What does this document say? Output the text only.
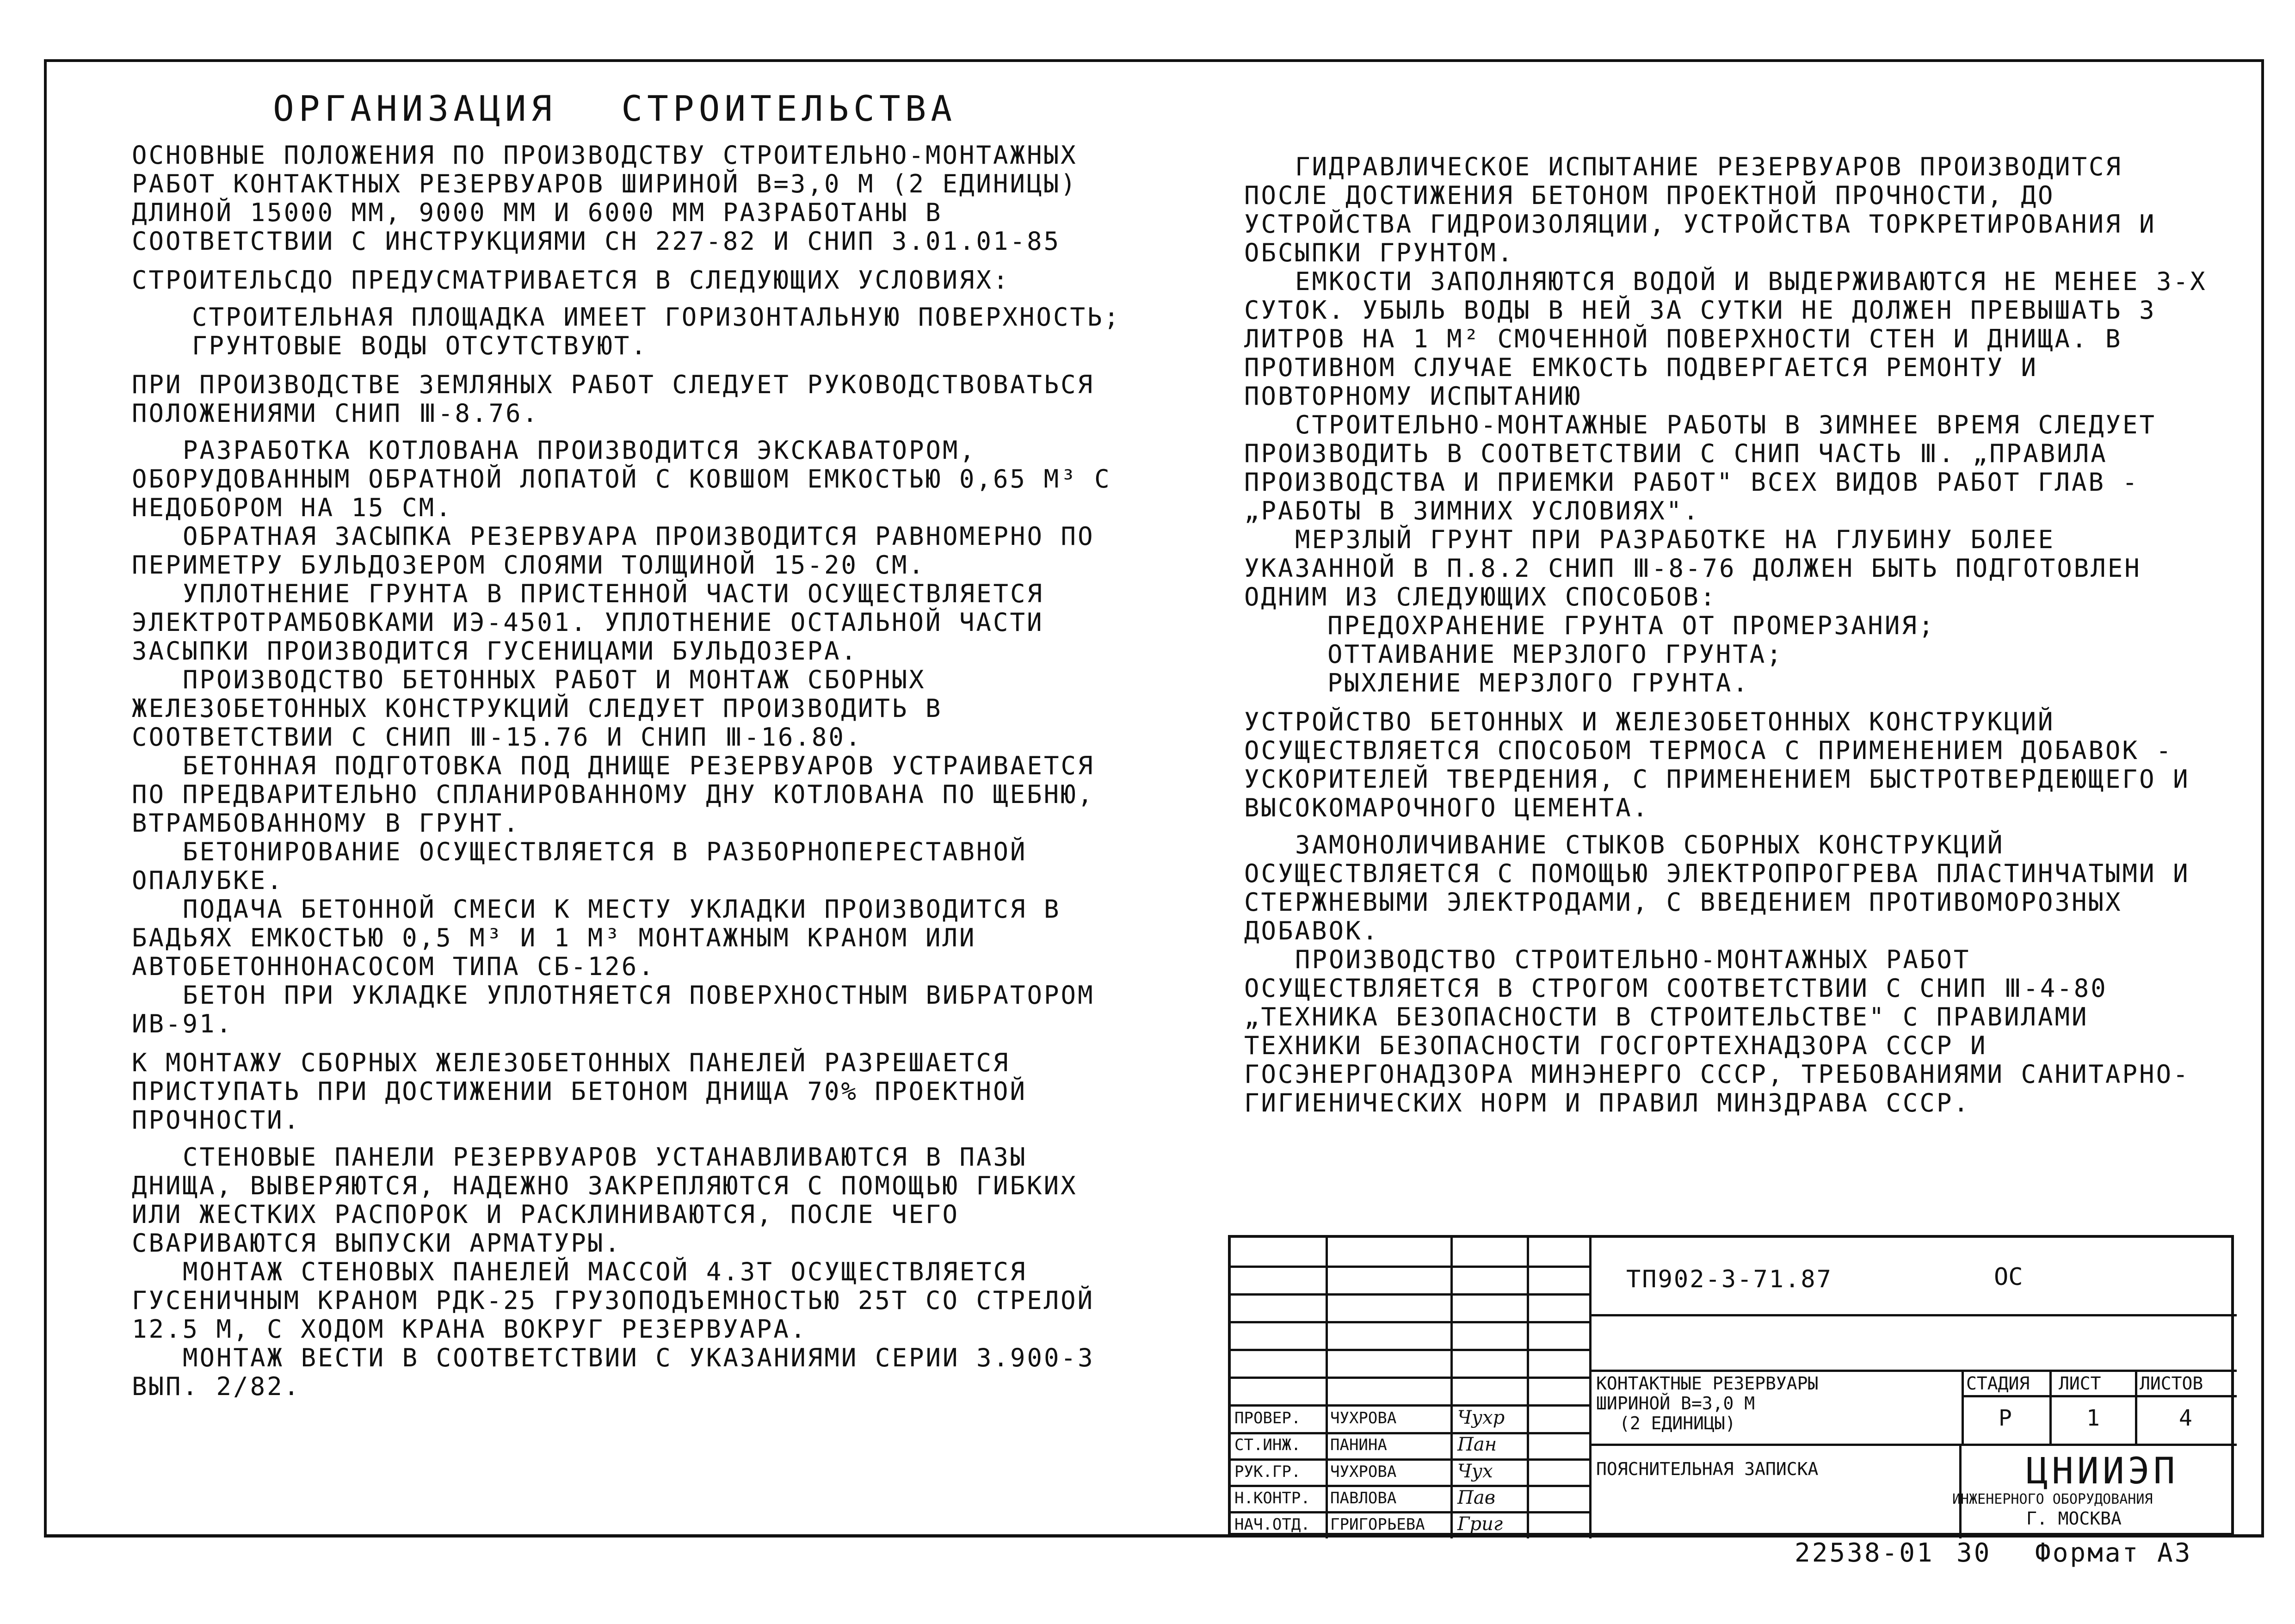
ОРГАНИЗАЦИЯ СТРОИТЕЛЬСТВА

ОСНОВНЫЕ ПОЛОЖЕНИЯ ПО ПРОИЗВОДСТВУ СТРОИТЕЛЬНО-МОНТАЖНЫХ РАБОТ КОНТАКТНЫХ РЕЗЕРВУАРОВ ШИРИНОЙ В=3,0 М (2 ЕДИНИЦЫ) ДЛИНОЙ 15000 ММ, 9000 ММ И 6000 ММ РАЗРАБОТАНЫ В СООТВЕТСТВИИ С ИНСТРУКЦИЯМИ СН 227-82 И СНИП 3.01.01-85

СТРОИТЕЛЬСДО ПРЕДУСМАТРИВАЕТСЯ В СЛЕДУЮЩИХ УСЛОВИЯХ:

СТРОИТЕЛЬНАЯ ПЛОЩАДКА ИМЕЕТ ГОРИЗОНТАЛЬНУЮ ПОВЕРХНОСТЬ;

ГРУНТОВЫЕ ВОДЫ ОТСУТСТВУЮТ.

ПРИ ПРОИЗВОДСТВЕ ЗЕМЛЯНЫХ РАБОТ СЛЕДУЕТ РУКОВОДСТВОВАТЬСЯ ПОЛОЖЕНИЯМИ СНИП Ⅲ-8.76.

РАЗРАБОТКА КОТЛОВАНА ПРОИЗВОДИТСЯ ЭКСКАВАТОРОМ, ОБОРУДОВАННЫМ ОБРАТНОЙ ЛОПАТОЙ С КОВШОМ ЕМКОСТЬЮ 0,65 М³ С НЕДОБОРОМ НА 15 СМ.

ОБРАТНАЯ ЗАСЫПКА РЕЗЕРВУАРА ПРОИЗВОДИТСЯ РАВНОМЕРНО ПО ПЕРИМЕТРУ БУЛЬДОЗЕРОМ СЛОЯМИ ТОЛЩИНОЙ 15-20 СМ.

УПЛОТНЕНИЕ ГРУНТА В ПРИСТЕННОЙ ЧАСТИ ОСУЩЕСТВЛЯЕТСЯ ЭЛЕКТРОТРАМБОВКАМИ ИЭ-4501. УПЛОТНЕНИЕ ОСТАЛЬНОЙ ЧАСТИ ЗАСЫПКИ ПРОИЗВОДИТСЯ ГУСЕНИЦАМИ БУЛЬДОЗЕРА.

ПРОИЗВОДСТВО БЕТОННЫХ РАБОТ И МОНТАЖ СБОРНЫХ ЖЕЛЕЗОБЕТОННЫХ КОНСТРУКЦИЙ СЛЕДУЕТ ПРОИЗВОДИТЬ В СООТВЕТСТВИИ С СНИП Ⅲ-15.76 И СНИП Ⅲ-16.80.

БЕТОННАЯ ПОДГОТОВКА ПОД ДНИЩЕ РЕЗЕРВУАРОВ УСТРАИВАЕТСЯ ПО ПРЕДВАРИТЕЛЬНО СПЛАНИРОВАННОМУ ДНУ КОТЛОВАНА ПО ЩЕБНЮ, ВТРАМБОВАННОМУ В ГРУНТ.

БЕТОНИРОВАНИЕ ОСУЩЕСТВЛЯЕТСЯ В РАЗБОРНОПЕРЕСТАВНОЙ ОПАЛУБКЕ.

ПОДАЧА БЕТОННОЙ СМЕСИ К МЕСТУ УКЛАДКИ ПРОИЗВОДИТСЯ В БАДЬЯХ ЕМКОСТЬЮ 0,5 М³ И 1 М³ МОНТАЖНЫМ КРАНОМ ИЛИ АВТОБЕТОННОНАСОСОМ ТИПА СБ-126.

БЕТОН ПРИ УКЛАДКЕ УПЛОТНЯЕТСЯ ПОВЕРХНОСТНЫМ ВИБРАТОРОМ ИВ-91.

К МОНТАЖУ СБОРНЫХ ЖЕЛЕЗОБЕТОННЫХ ПАНЕЛЕЙ РАЗРЕШАЕТСЯ ПРИСТУПАТЬ ПРИ ДОСТИЖЕНИИ БЕТОНОМ ДНИЩА 70% ПРОЕКТНОЙ ПРОЧНОСТИ.

СТЕНОВЫЕ ПАНЕЛИ РЕЗЕРВУАРОВ УСТАНАВЛИВАЮТСЯ В ПАЗЫ ДНИЩА, ВЫВЕРЯЮТСЯ, НАДЕЖНО ЗАКРЕПЛЯЮТСЯ С ПОМОЩЬЮ ГИБКИХ ИЛИ ЖЕСТКИХ РАСПОРОК И РАСКЛИНИВАЮТСЯ, ПОСЛЕ ЧЕГО СВАРИВАЮТСЯ ВЫПУСКИ АРМАТУРЫ.

МОНТАЖ СТЕНОВЫХ ПАНЕЛЕЙ МАССОЙ 4.3Т ОСУЩЕСТВЛЯЕТСЯ ГУСЕНИЧНЫМ КРАНОМ РДК-25 ГРУЗОПОДЪЕМНОСТЬЮ 25Т СО СТРЕЛОЙ 12.5 М, С ХОДОМ КРАНА ВОКРУГ РЕЗЕРВУАРА.

МОНТАЖ ВЕСТИ В СООТВЕТСТВИИ С УКАЗАНИЯМИ СЕРИИ 3.900-3 ВЫП. 2/82.

ГИДРАВЛИЧЕСКОЕ ИСПЫТАНИЕ РЕЗЕРВУАРОВ ПРОИЗВОДИТСЯ ПОСЛЕ ДОСТИЖЕНИЯ БЕТОНОМ ПРОЕКТНОЙ ПРОЧНОСТИ, ДО УСТРОЙСТВА ГИДРОИЗОЛЯЦИИ, УСТРОЙСТВА ТОРКРЕТИРОВАНИЯ И ОБСЫПКИ ГРУНТОМ.

ЕМКОСТИ ЗАПОЛНЯЮТСЯ ВОДОЙ И ВЫДЕРЖИВАЮТСЯ НЕ МЕНЕЕ 3-Х СУТОК. УБЫЛЬ ВОДЫ В НЕЙ ЗА СУТКИ НЕ ДОЛЖЕН ПРЕВЫШАТЬ 3 ЛИТРОВ НА 1 М² СМОЧЕННОЙ ПОВЕРХНОСТИ СТЕН И ДНИЩА. В ПРОТИВНОМ СЛУЧАЕ ЕМКОСТЬ ПОДВЕРГАЕТСЯ РЕМОНТУ И ПОВТОРНОМУ ИСПЫТАНИЮ

СТРОИТЕЛЬНО-МОНТАЖНЫЕ РАБОТЫ В ЗИМНЕЕ ВРЕМЯ СЛЕДУЕТ ПРОИЗВОДИТЬ В СООТВЕТСТВИИ С СНИП ЧАСТЬ Ⅲ. „ПРАВИЛА ПРОИЗВОДСТВА И ПРИЕМКИ РАБОТ" ВСЕХ ВИДОВ РАБОТ ГЛАВ - „РАБОТЫ В ЗИМНИХ УСЛОВИЯХ".

МЕРЗЛЫЙ ГРУНТ ПРИ РАЗРАБОТКЕ НА ГЛУБИНУ БОЛЕЕ УКАЗАННОЙ В П.8.2 СНИП Ⅲ-8-76 ДОЛЖЕН БЫТЬ ПОДГОТОВЛЕН ОДНИМ ИЗ СЛЕДУЮЩИХ СПОСОБОВ:

ПРЕДОХРАНЕНИЕ ГРУНТА ОТ ПРОМЕРЗАНИЯ;

ОТТАИВАНИЕ МЕРЗЛОГО ГРУНТА;

РЫХЛЕНИЕ МЕРЗЛОГО ГРУНТА.

УСТРОЙСТВО БЕТОННЫХ И ЖЕЛЕЗОБЕТОННЫХ КОНСТРУКЦИЙ ОСУЩЕСТВЛЯЕТСЯ СПОСОБОМ ТЕРМОСА С ПРИМЕНЕНИЕМ ДОБАВОК - УСКОРИТЕЛЕЙ ТВЕРДЕНИЯ, С ПРИМЕНЕНИЕМ БЫСТРОТВЕРДЕЮЩЕГО И ВЫСОКОМАРОЧНОГО ЦЕМЕНТА.

ЗАМОНОЛИЧИВАНИЕ СТЫКОВ СБОРНЫХ КОНСТРУКЦИЙ ОСУЩЕСТВЛЯЕТСЯ С ПОМОЩЬЮ ЭЛЕКТРОПРОГРЕВА ПЛАСТИНЧАТЫМИ И СТЕРЖНЕВЫМИ ЭЛЕКТРОДАМИ, С ВВЕДЕНИЕМ ПРОТИВОМОРОЗНЫХ ДОБАВОК.

ПРОИЗВОДСТВО СТРОИТЕЛЬНО-МОНТАЖНЫХ РАБОТ ОСУЩЕСТВЛЯЕТСЯ В СТРОГОМ СООТВЕТСТВИИ С СНИП Ⅲ-4-80 „ТЕХНИКА БЕЗОПАСНОСТИ В СТРОИТЕЛЬСТВЕ" С ПРАВИЛАМИ ТЕХНИКИ БЕЗОПАСНОСТИ ГОСГОРТЕХНАДЗОРА СССР И ГОСЭНЕРГОНАДЗОРА МИНЭНЕРГО СССР, ТРЕБОВАНИЯМИ САНИТАРНО-ГИГИЕНИЧЕСКИХ НОРМ И ПРАВИЛ МИНЗДРАВА СССР.

ТП902-3-71.87	ОС
КОНТАКТНЫЕ РЕЗЕРВУАРЫ
ШИРИНОЙ В=3,0 М
(2 ЕДИНИЦЫ)
ПОЯСНИТЕЛЬНАЯ ЗАПИСКА
СТАДИЯ ЛИСТ ЛИСТОВ
Р	1	4
ЦНИИЭП
ИНЖЕНЕРНОГО ОБОРУДОВАНИЯ
Г. МОСКВА
ПРОВЕР. ЧУХРОВА	Чухр
СТ.ИНЖ. ПАНИНА	Пан
РУК.ГР. ЧУХРОВА	Чух
Н.КОНТР. ПАВЛОВА	Пав
НАЧ.ОТД. ГРИГОРЬЕВА Григ
22538-01 30 Формат А3
